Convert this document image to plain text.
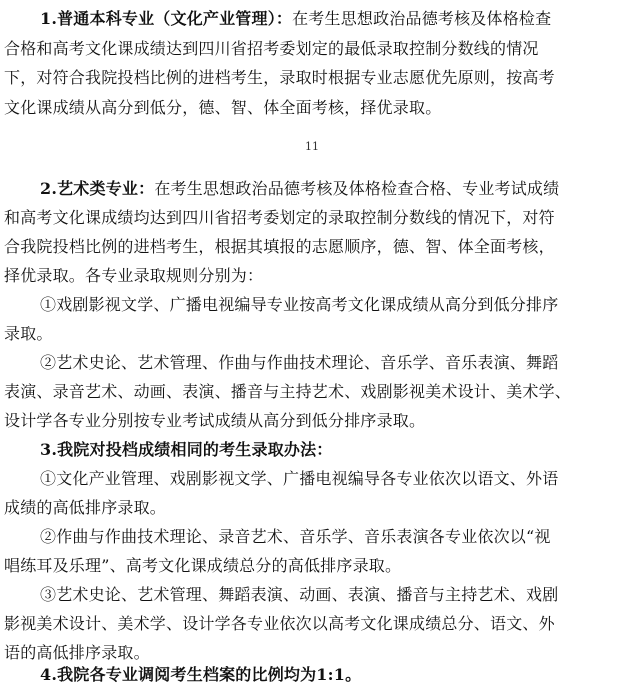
1.普通本科专业（文化产业管理）：在考生思想政治品德考核及体格检查
合格和高考文化课成绩达到四川省招考委划定的最低录取控制分数线的情况
下，对符合我院投档比例的进档考生，录取时根据专业志愿优先原则，按高考
文化课成绩从高分到低分，德、智、体全面考核，择优录取。
11
2.艺术类专业：在考生思想政治品德考核及体格检查合格、专业考试成绩
和高考文化课成绩均达到四川省招考委划定的录取控制分数线的情况下，对符
合我院投档比例的进档考生，根据其填报的志愿顺序，德、智、体全面考核，
择优录取。各专业录取规则分别为：
①戏剧影视文学、广播电视编导专业按高考文化课成绩从高分到低分排序
录取。
②艺术史论、艺术管理、作曲与作曲技术理论、音乐学、音乐表演、舞蹈
表演、录音艺术、动画、表演、播音与主持艺术、戏剧影视美术设计、美术学、
设计学各专业分别按专业考试成绩从高分到低分排序录取。
3.我院对投档成绩相同的考生录取办法：
①文化产业管理、戏剧影视文学、广播电视编导各专业依次以语文、外语
成绩的高低排序录取。
②作曲与作曲技术理论、录音艺术、音乐学、音乐表演各专业依次以“视
唱练耳及乐理”、高考文化课成绩总分的高低排序录取。
③艺术史论、艺术管理、舞蹈表演、动画、表演、播音与主持艺术、戏剧
影视美术设计、美术学、设计学各专业依次以高考文化课成绩总分、语文、外
语的高低排序录取。
4.我院各专业调阅考生档案的比例均为1:1。
